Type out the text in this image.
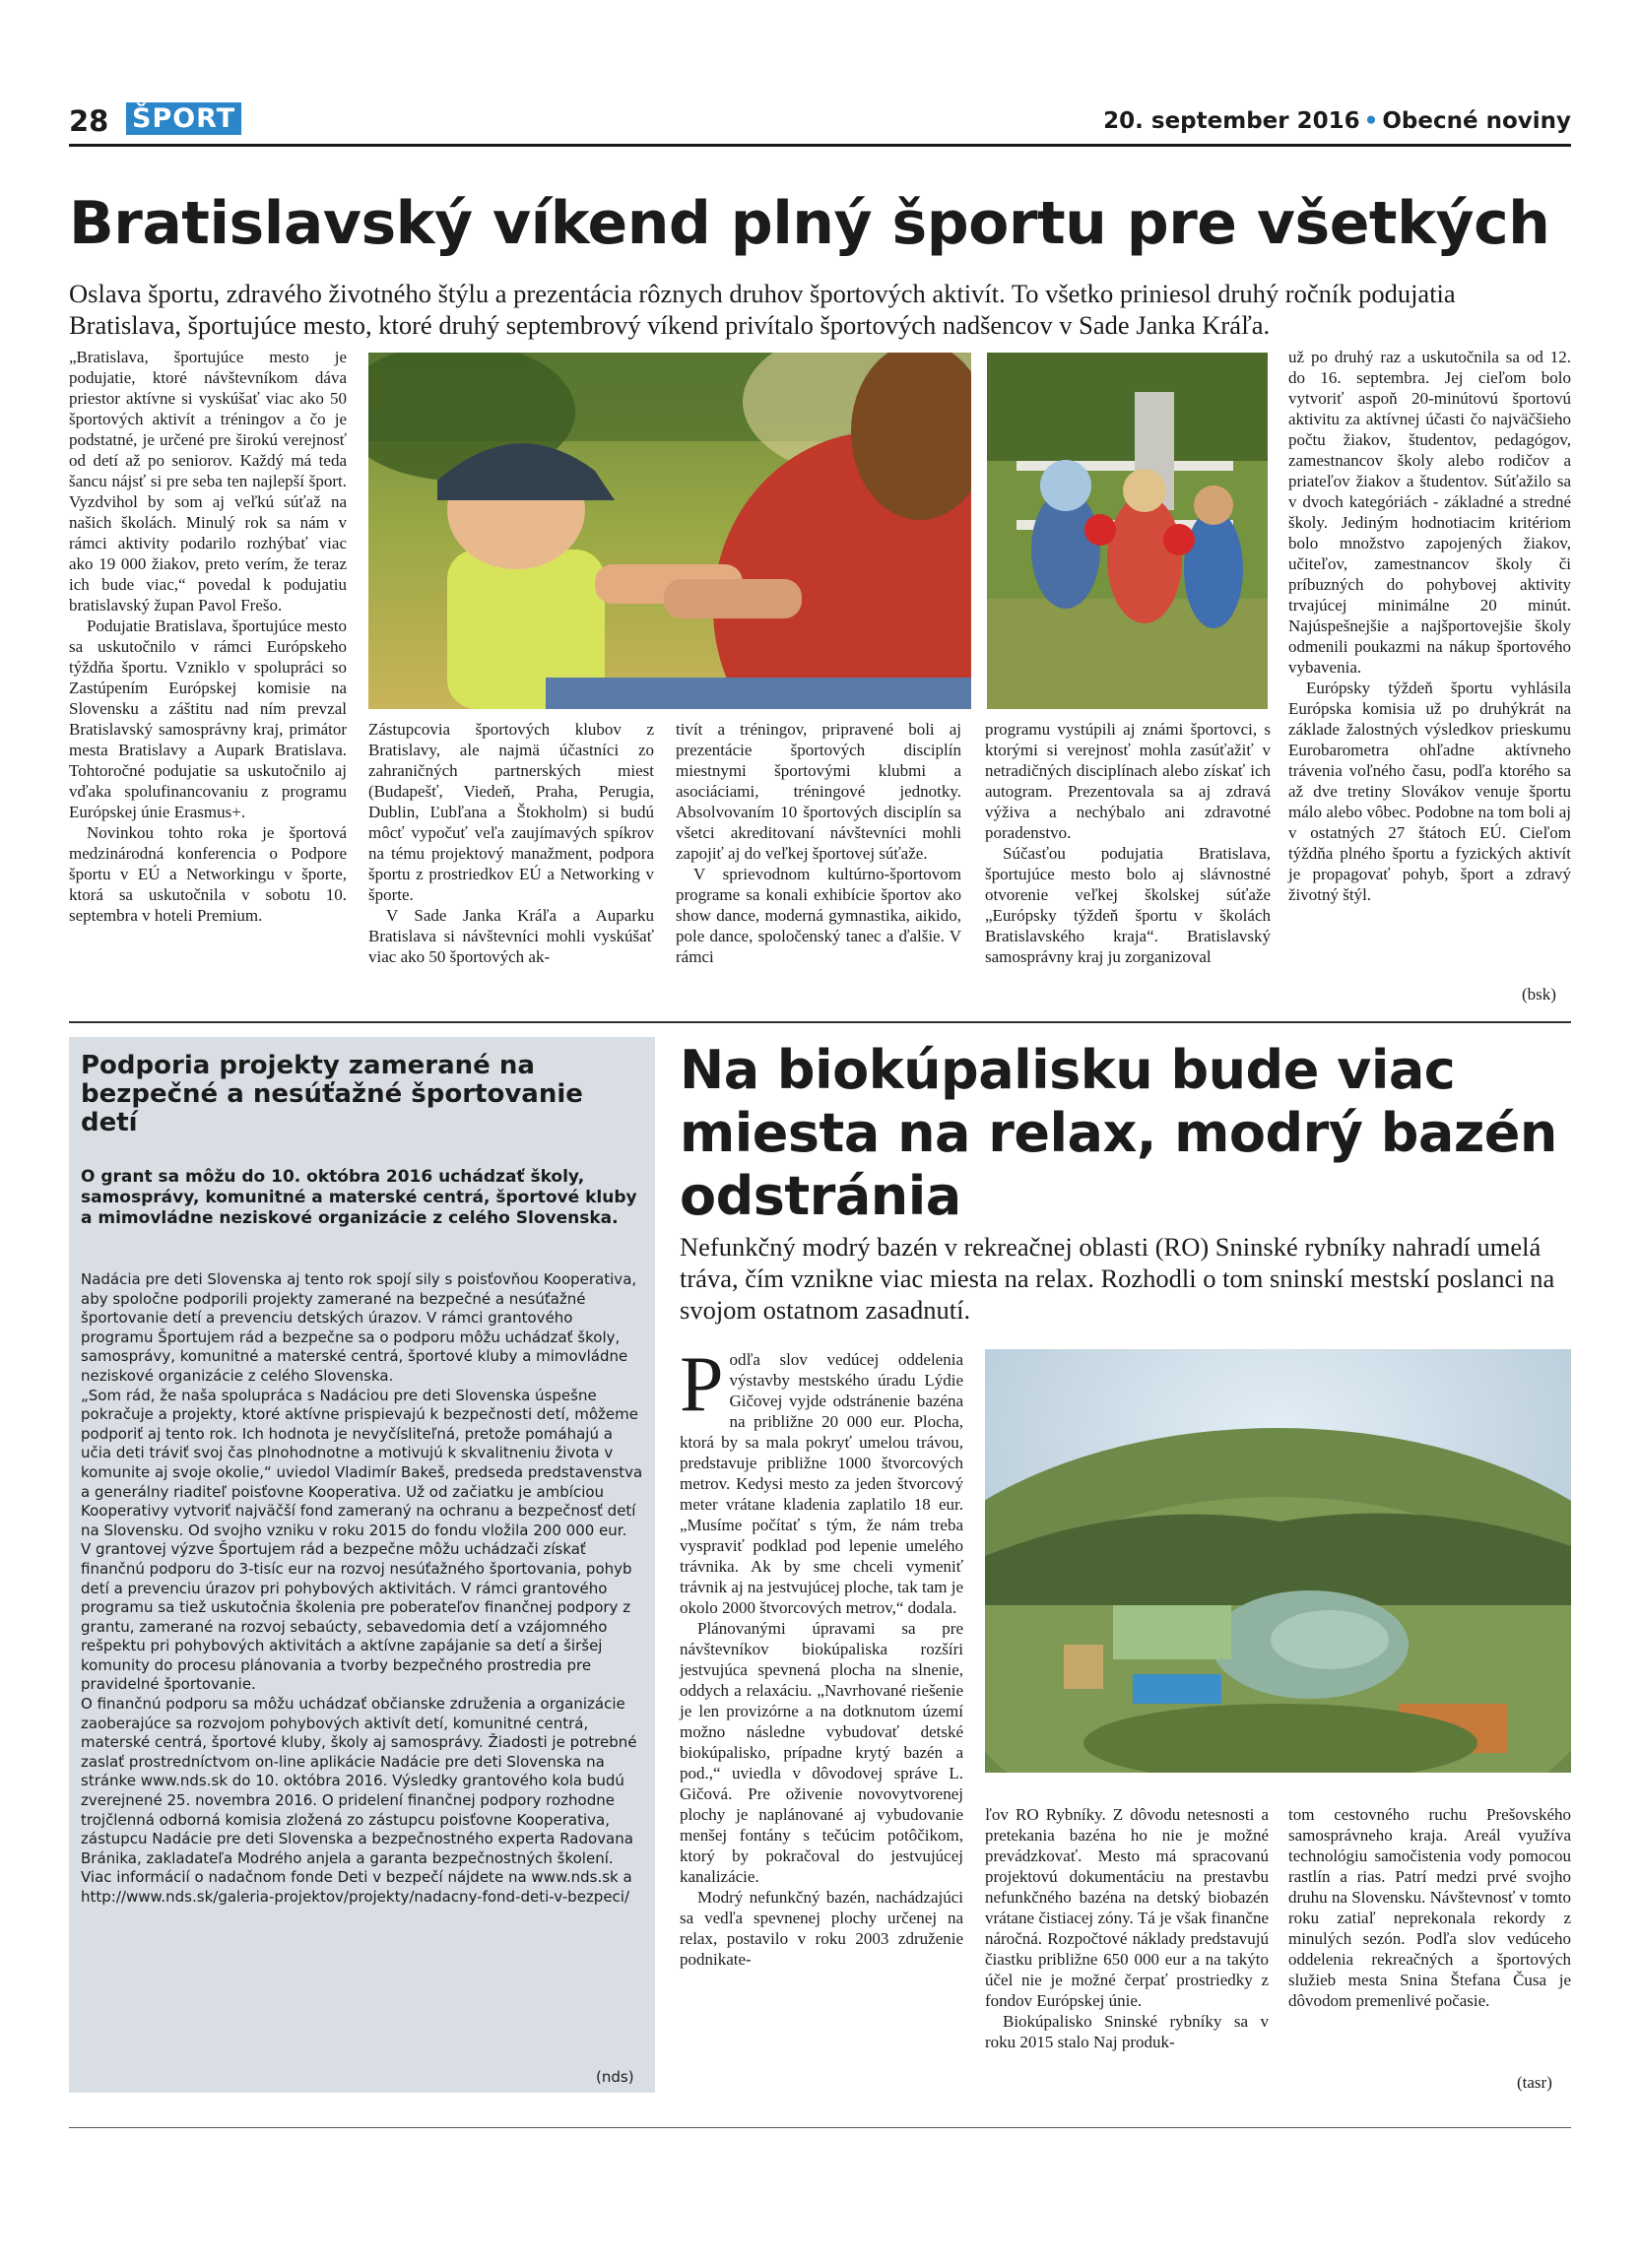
28 ŠPORT	20. september 2016 • Obecné noviny
Bratislavský víkend plný športu pre všetkých
Oslava športu, zdravého životného štýlu a prezentácia rôznych druhov športových aktivít. To všetko priniesol druhý ročník podujatia Bratislava, športujúce mesto, ktoré druhý septembrový víkend privítalo športových nadšencov v Sade Janka Kráľa.

„Bratislava, športujúce mesto je podujatie, ktoré návštevníkom dáva priestor aktívne si vyskúšať viac ako 50 športových aktivít a tréningov a čo je podstatné, je určené pre širokú verejnosť od detí až po seniorov. Každý má teda šancu nájsť si pre seba ten najlepší šport. Vyzdvihol by som aj veľkú súťaž na našich školách. Minulý rok sa nám v rámci aktivity podarilo rozhýbať viac ako 19 000 žiakov, preto verím, že teraz ich bude viac,“ povedal k podujatiu bratislavský župan Pavol Frešo.

Podujatie Bratislava, športujúce mesto sa uskutočnilo v rámci Európskeho týždňa športu. Vzniklo v spolupráci so Zastúpením Európskej komisie na Slovensku a záštitu nad ním prevzal Bratislavský samosprávny kraj, primátor mesta Bratislavy a Aupark Bratislava. Tohtoročné podujatie sa uskutočnilo aj vďaka spolufinancovaniu z programu Európskej únie Erasmus+.

Novinkou tohto roka je športová medzinárodná konferencia o Podpore športu v EÚ a Networkingu v športe, ktorá sa uskutočnila v sobotu 10. septembra v hoteli Premium.

Zástupcovia športových klubov z Bratislavy, ale najmä účastníci zo zahraničných partnerských miest (Budapešť, Viedeň, Praha, Perugia, Dublin, Ľubľana a Štokholm) si budú môcť vypočuť veľa zaujímavých spíkrov na tému projektový manažment, podpora športu z prostriedkov EÚ a Networking v športe.

V Sade Janka Kráľa a Auparku Bratislava si návštevníci mohli vyskúšať viac ako 50 športových ak-

tivít a tréningov, pripravené boli aj prezentácie športových disciplín miestnymi športovými klubmi a asociáciami, tréningové jednotky. Absolvovaním 10 športových disciplín sa všetci akreditovaní návštevníci mohli zapojiť aj do veľkej športovej súťaže.

V sprievodnom kultúrno-športovom programe sa konali exhibície športov ako show dance, moderná gymnastika, aikido, pole dance, spoločenský tanec a ďalšie. V rámci

programu vystúpili aj známi športovci, s ktorými si verejnosť mohla zasúťažiť v netradičných disciplínach alebo získať ich autogram. Prezentovala sa aj zdravá výživa a nechýbalo ani zdravotné poradenstvo.

Súčasťou podujatia Bratislava, športujúce mesto bolo aj slávnostné otvorenie veľkej školskej súťaže „Európsky týždeň športu v školách Bratislavského kraja“. Bratislavský samosprávny kraj ju zorganizoval

už po druhý raz a uskutočnila sa od 12. do 16. septembra. Jej cieľom bolo vytvoriť aspoň 20-minútovú športovú aktivitu za aktívnej účasti čo najväčšieho počtu žiakov, študentov, pedagógov, zamestnancov školy alebo rodičov a priateľov žiakov a študentov. Súťažilo sa v dvoch kategóriách - základné a stredné školy. Jediným hodnotiacim kritériom bolo množstvo zapojených žiakov, učiteľov, zamestnancov školy či príbuzných do pohybovej aktivity trvajúcej minimálne 20 minút. Najúspešnejšie a najšportovejšie školy odmenili poukazmi na nákup športového vybavenia.

Európsky týždeň športu vyhlásila Európska komisia už po druhýkrát na základe žalostných výsledkov prieskumu Eurobarometra ohľadne aktívneho trávenia voľného času, podľa ktorého sa až dve tretiny Slovákov venuje športu málo alebo vôbec. Podobne na tom boli aj v ostatných 27 štátoch EÚ. Cieľom týždňa plného športu a fyzických aktivít je propagovať pohyb, šport a zdravý životný štýl.

(bsk)
Podporia projekty zamerané na bezpečné a nesúťažné športovanie detí
O grant sa môžu do 10. októbra 2016 uchádzať školy, samosprávy, komunitné a materské centrá, športové kluby a mimovládne neziskové organizácie z celého Slovenska.

Nadácia pre deti Slovenska aj tento rok spojí sily s poisťovňou Kooperativa, aby spoločne podporili projekty zamerané na bezpečné a nesúťažné športovanie detí a prevenciu detských úrazov. V rámci grantového programu Športujem rád a bezpečne sa o podporu môžu uchádzať školy, samosprávy, komunitné a materské centrá, športové kluby a mimovládne neziskové organizácie z celého Slovenska.

„Som rád, že naša spolupráca s Nadáciou pre deti Slovenska úspešne pokračuje a projekty, ktoré aktívne prispievajú k bezpečnosti detí, môžeme podporiť aj tento rok. Ich hodnota je nevyčísliteľná, pretože pomáhajú a učia deti tráviť svoj čas plnohodnotne a motivujú k skvalitneniu života v komunite aj svoje okolie,“ uviedol Vladimír Bakeš, predseda predstavenstva a generálny riaditeľ poisťovne Kooperativa. Už od začiatku je ambíciou Kooperativy vytvoriť najväčší fond zameraný na ochranu a bezpečnosť detí na Slovensku. Od svojho vzniku v roku 2015 do fondu vložila 200 000 eur.

V grantovej výzve Športujem rád a bezpečne môžu uchádzači získať finančnú podporu do 3-tisíc eur na rozvoj nesúťažného športovania, pohyb detí a prevenciu úrazov pri pohybových aktivitách. V rámci grantového programu sa tiež uskutočnia školenia pre poberateľov finančnej podpory z grantu, zamerané na rozvoj sebaúcty, sebavedomia detí a vzájomného rešpektu pri pohybových aktivitách a aktívne zapájanie sa detí a širšej komunity do procesu plánovania a tvorby bezpečného prostredia pre pravidelné športovanie.

O finančnú podporu sa môžu uchádzať občianske združenia a organizácie zaoberajúce sa rozvojom pohybových aktivít detí, komunitné centrá, materské centrá, športové kluby, školy aj samosprávy. Žiadosti je potrebné zaslať prostredníctvom on-line aplikácie Nadácie pre deti Slovenska na stránke www.nds.sk do 10. októbra 2016. Výsledky grantového kola budú zverejnené 25. novembra 2016. O pridelení finančnej podpory rozhodne trojčlenná odborná komisia zložená zo zástupcu poisťovne Kooperativa, zástupcu Nadácie pre deti Slovenska a bezpečnostného experta Radovana Bránika, zakladateľa Modrého anjela a garanta bezpečnostných školení.

Viac informácií o nadačnom fonde Deti v bezpečí nájdete na www.nds.sk a http://www.nds.sk/galeria-projektov/projekty/nadacny-fond-deti-v-bezpeci/

(nds)
Na biokúpalisku bude viac miesta na relax, modrý bazén odstránia
Nefunkčný modrý bazén v rekreačnej oblasti (RO) Sninské rybníky nahradí umelá tráva, čím vznikne viac miesta na relax. Rozhodli o tom sninskí mestskí poslanci na svojom ostatnom zasadnutí.

Podľa slov vedúcej oddelenia výstavby mestského úradu Lýdie Gičovej vyjde odstránenie bazéna na približne 20 000 eur. Plocha, ktorá by sa mala pokryť umelou trávou, predstavuje približne 1000 štvorcových metrov. Kedysi mesto za jeden štvorcový meter vrátane kladenia zaplatilo 18 eur. „Musíme počítať s tým, že nám treba vyspraviť podklad pod lepenie umelého trávnika. Ak by sme chceli vymeniť trávnik aj na jestvujúcej ploche, tak tam je okolo 2000 štvorcových metrov,“ dodala.

Plánovanými úpravami sa pre návštevníkov biokúpaliska rozšíri jestvujúca spevnená plocha na slnenie, oddych a relaxáciu. „Navrhované riešenie je len provizórne a na dotknutom území možno následne vybudovať detské biokúpalisko, prípadne krytý bazén a pod.,“ uviedla v dôvodovej správe L. Gičová. Pre oživenie novovytvorenej plochy je naplánované aj vybudovanie menšej fontány s tečúcim potôčikom, ktorý by pokračoval do jestvujúcej kanalizácie.

Modrý nefunkčný bazén, nachádzajúci sa vedľa spevnenej plochy určenej na relax, postavilo v roku 2003 združenie podnikate-

ľov RO Rybníky. Z dôvodu netesnosti a pretekania bazéna ho nie je možné prevádzkovať. Mesto má spracovanú projektovú dokumentáciu na prestavbu nefunkčného bazéna na detský biobazén vrátane čistiacej zóny. Tá je však finančne náročná. Rozpočtové náklady predstavujú čiastku približne 650 000 eur a na takýto účel nie je možné čerpať prostriedky z fondov Európskej únie.

Biokúpalisko Sninské rybníky sa v roku 2015 stalo Naj produk-

tom cestovného ruchu Prešovského samosprávneho kraja. Areál využíva technológiu samočistenia vody pomocou rastlín a rias. Patrí medzi prvé svojho druhu na Slovensku. Návštevnosť v tomto roku zatiaľ neprekonala rekordy z minulých sezón. Podľa slov vedúceho oddelenia rekreačných a športových služieb mesta Snina Štefana Čusa je dôvodom premenlivé počasie.

(tasr)
